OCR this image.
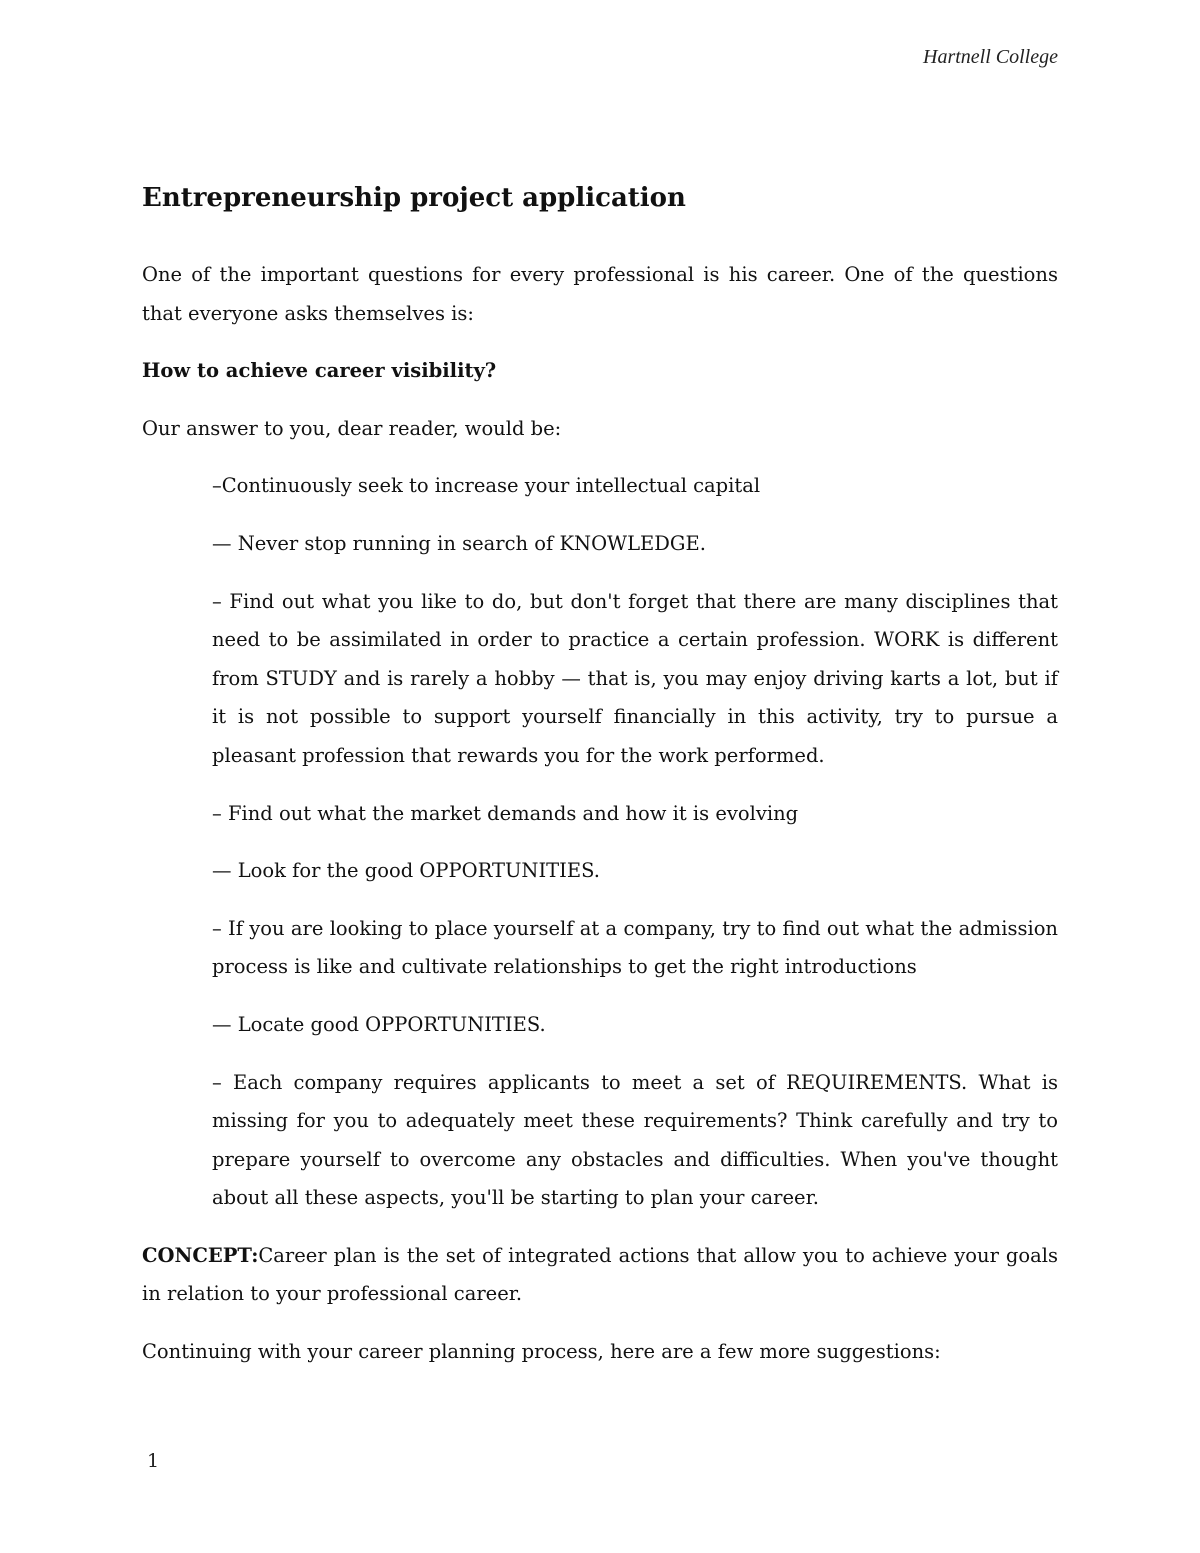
Hartnell College
Entrepreneurship project application

One of the important questions for every professional is his career. One of the questions that everyone asks themselves is:

How to achieve career visibility?

Our answer to you, dear reader, would be:

–Continuously seek to increase your intellectual capital

— Never stop running in search of KNOWLEDGE.

– Find out what you like to do, but don't forget that there are many disciplines that need to be assimilated in order to practice a certain profession. WORK is different from STUDY and is rarely a hobby — that is, you may enjoy driving karts a lot, but if it is not possible to support yourself financially in this activity, try to pursue a pleasant profession that rewards you for the work performed.

– Find out what the market demands and how it is evolving

— Look for the good OPPORTUNITIES.

– If you are looking to place yourself at a company, try to find out what the admission process is like and cultivate relationships to get the right introductions

— Locate good OPPORTUNITIES.

– Each company requires applicants to meet a set of REQUIREMENTS. What is missing for you to adequately meet these requirements? Think carefully and try to prepare yourself to overcome any obstacles and difficulties. When you've thought about all these aspects, you'll be starting to plan your career.

CONCEPT:Career plan is the set of integrated actions that allow you to achieve your goals in relation to your professional career.

Continuing with your career planning process, here are a few more suggestions:

1
